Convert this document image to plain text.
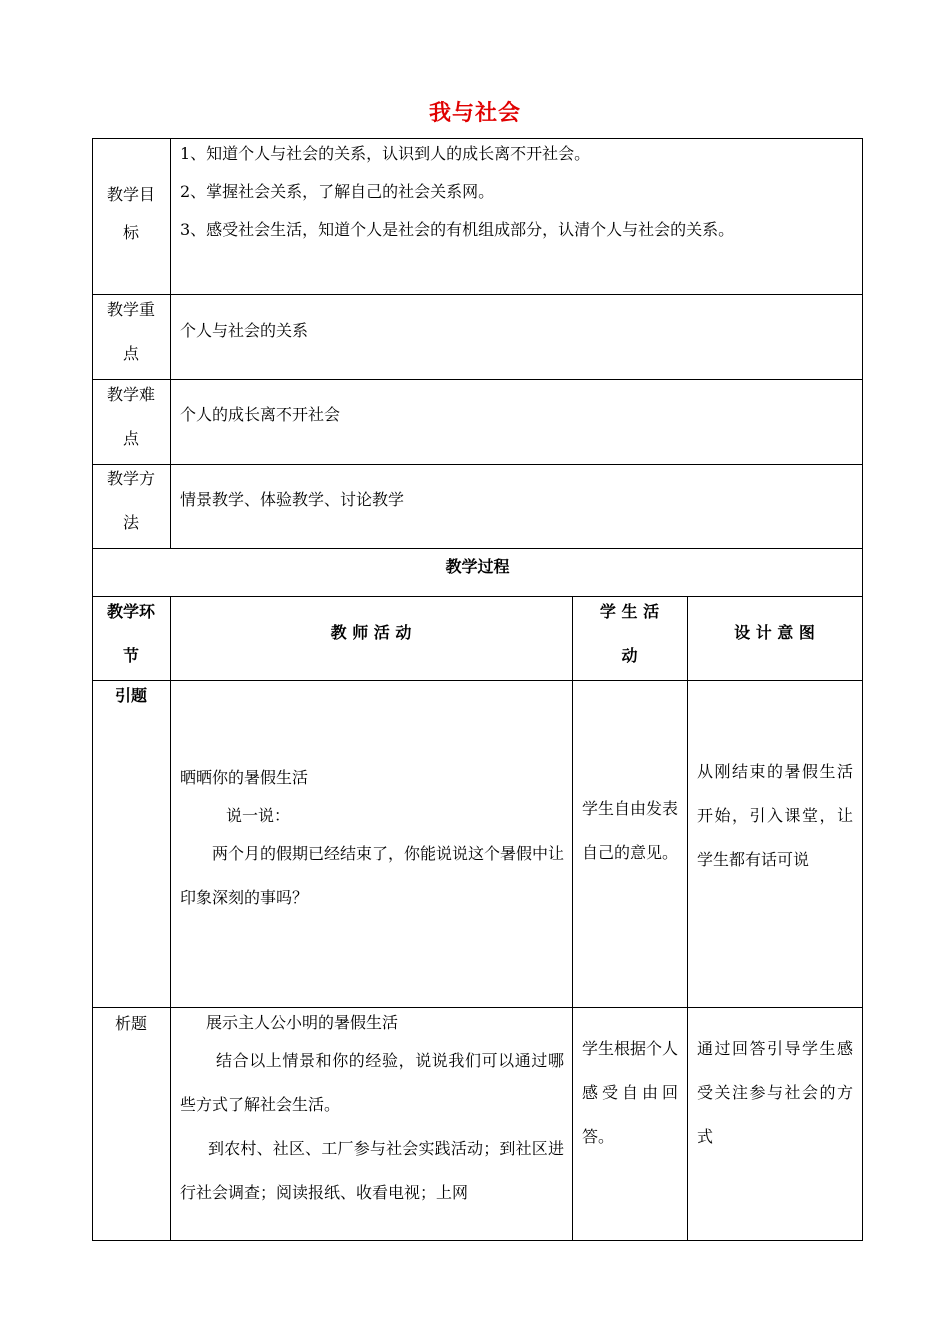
我与社会
教学目
标
1、知道个人与社会的关系，认识到人的成长离不开社会。
2、掌握社会关系，了解自己的社会关系网。
3、感受社会生活，知道个人是社会的有机组成部分，认清个人与社会的关系。
教学重
点
个人与社会的关系
教学难
点
个人的成长离不开社会
教学方
法
情景教学、体验教学、讨论教学
教学过程
教学环
节
教 师 活 动
学 生 活
动
设 计 意 图
引题
晒晒你的暑假生活
说一说：

两个月的假期已经结束了，你能说说这个暑假中让印象深刻的事吗？

学生自由发表自己的意见。
从刚结束的暑假生活开始，引入课堂，让学生都有话可说
析题	展示主人公小明的暑假生活

结合以上情景和你的经验，说说我们可以通过哪些方式了解社会生活。

到农村、社区、工厂参与社会实践活动；到社区进行社会调查；阅读报纸、收看电视；上网

学生根据个人感受自由回答。
通过回答引导学生感受关注参与社会的方式
